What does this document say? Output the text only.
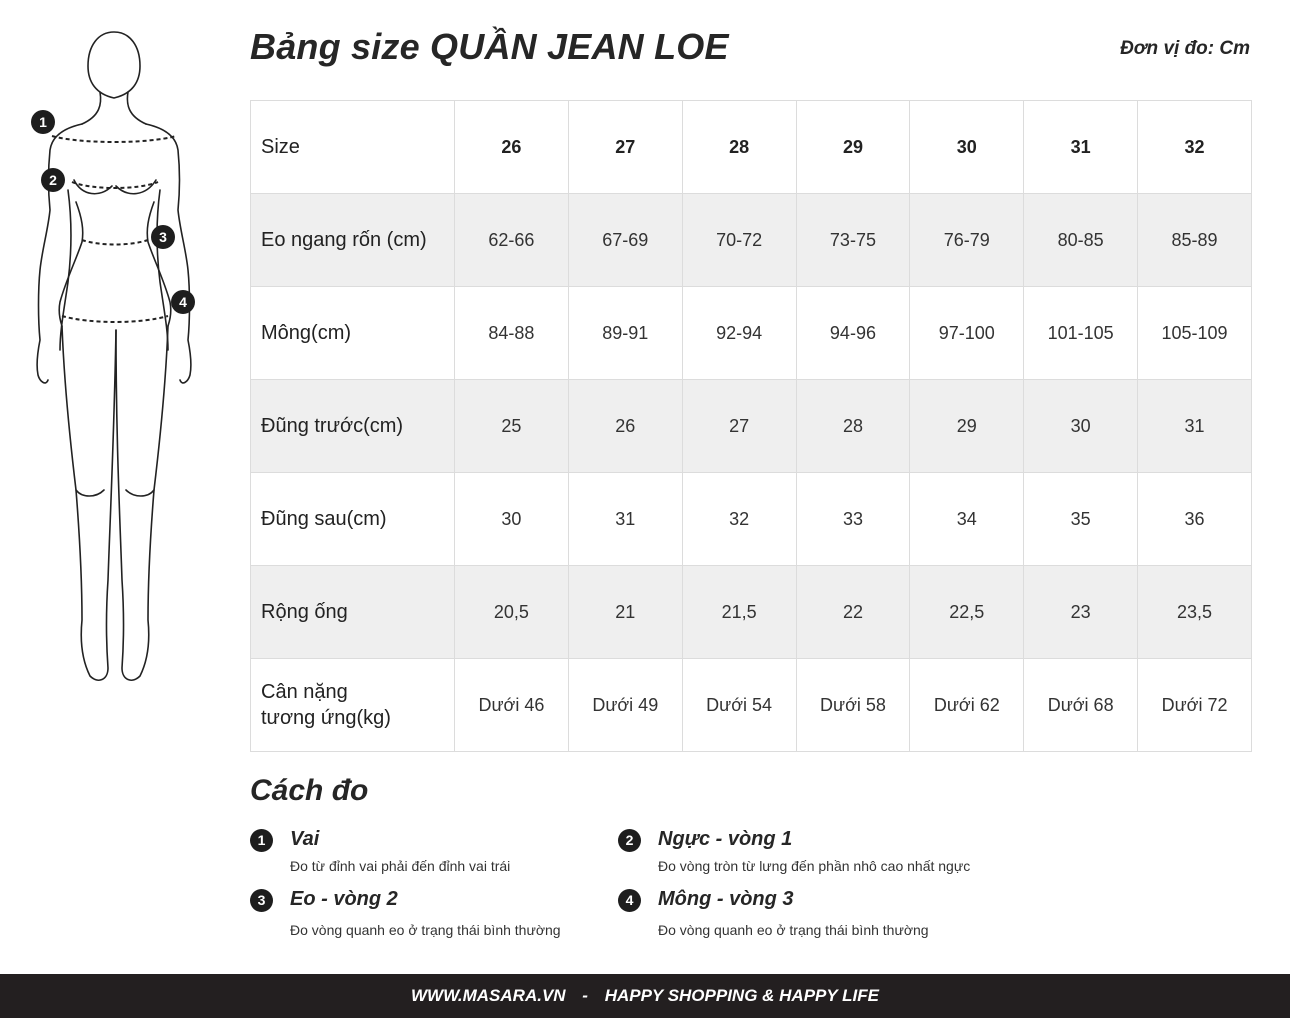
1
2
3
4
Bảng size QUẦN JEAN LOE	Đơn vị đo: Cm
Size	26	27	28	29	30	31	32
Eo ngang rốn (cm)	62-66	67-69	70-72	73-75	76-79	80-85	85-89
Mông(cm)	84-88	89-91	92-94	94-96	97-100	101-105	105-109
Đũng trước(cm)	25	26	27	28	29	30	31
Đũng sau(cm)	30	31	32	33	34	35	36
Rộng ống	20,5	21	21,5	22	22,5	23	23,5

Cân nặng
tương ứng(kg)	Dưới 46	Dưới 49	Dưới 54	Dưới 58	Dưới 62	Dưới 68	Dưới 72
Cách đo
1	Vai
Đo từ đỉnh vai phải đến đỉnh vai trái
2	Ngực - vòng 1
Đo vòng tròn từ lưng đến phần nhô cao nhất ngực
3	Eo - vòng 2
Đo vòng quanh eo ở trạng thái bình thường
4	Mông - vòng 3
Đo vòng quanh eo ở trạng thái bình thường
WWW.MASARA.VN - HAPPY SHOPPING & HAPPY LIFE
